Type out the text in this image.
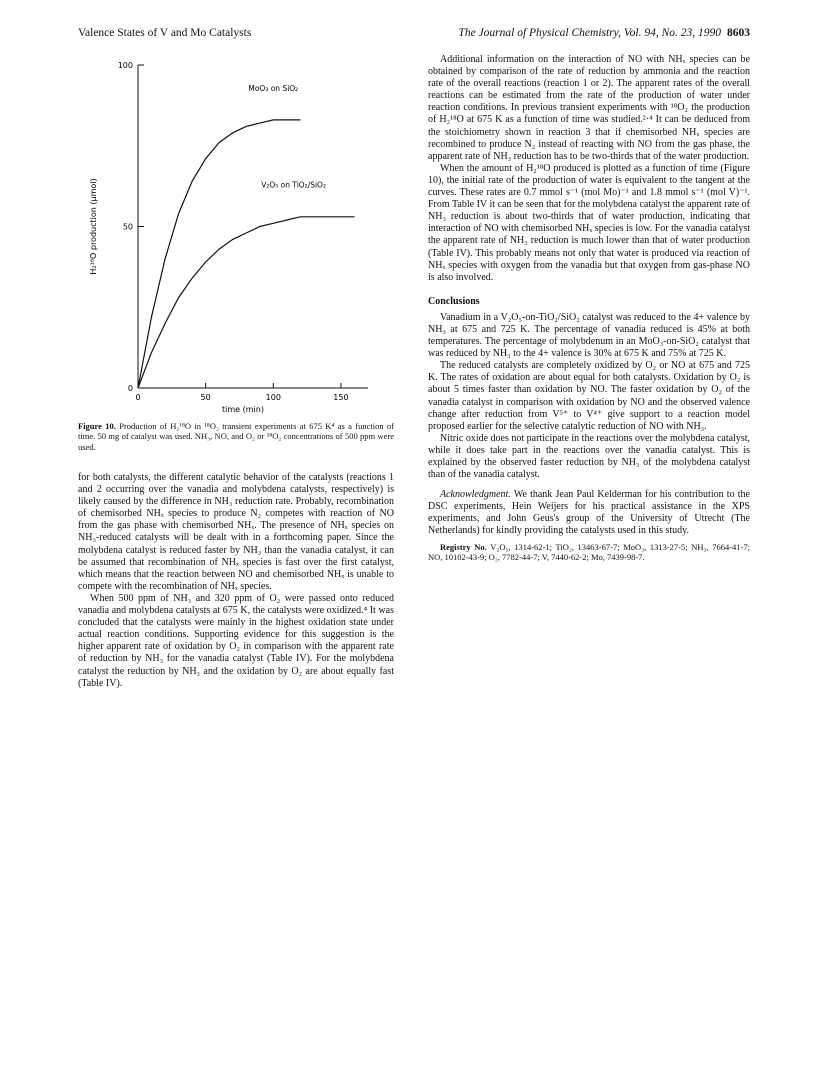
Valence States of V and Mo Catalysts	The Journal of Physical Chemistry, Vol. 94, No. 23, 1990 8603
0
50
100
0	50	100	150
time (min)
H₂¹⁸O production (µmol)
MoO₃ on SiO₂
V₂O₅ on TiO₂/SiO₂
Figure 10. Production of H₂¹⁸O in ¹⁸O₂ transient experiments at 675 K⁴ as a function of time. 50 mg of catalyst was used. NH₃, NO, and O₂ or ¹⁸O₂ concentrations of 500 ppm were used.

for both catalysts, the different catalytic behavior of the catalysts (reactions 1 and 2 occurring over the vanadia and molybdena catalysts, respectively) is likely caused by the difference in NH₃ reduction rate. Probably, recombination of chemisorbed NHₓ species to produce N₂ competes with reaction of NO from the gas phase with chemisorbed NHₓ. The presence of NHₓ species on NH₃-reduced catalysts will be dealt with in a forthcoming paper. Since the molybdena catalyst is reduced faster by NH₃ than the vanadia catalyst, it can be assumed that recombination of NHₓ species is fast over the first catalyst, which means that the reaction between NO and chemisorbed NHₓ is unable to compete with the recombination of NHₓ species.

When 500 ppm of NH₃ and 320 ppm of O₂ were passed onto reduced vanadia and molybdena catalysts at 675 K, the catalysts were oxidized.⁴ It was concluded that the catalysts were mainly in the highest oxidation state under actual reaction conditions. Supporting evidence for this suggestion is the higher apparent rate of oxidation by O₂ in comparison with the apparent rate of reduction by NH₃ for the vanadia catalyst (Table IV). For the molybdena catalyst the reduction by NH₃ and the oxidation by O₂ are about equally fast (Table IV).

Additional information on the interaction of NO with NHₓ species can be obtained by comparison of the rate of reduction by ammonia and the reaction rate of the overall reactions (reaction 1 or 2). The apparent rates of the overall reactions can be estimated from the rate of the production of water under reaction conditions. In previous transient experiments with ¹⁸O₂ the production of H₂¹⁸O at 675 K as a function of time was studied.²·⁴ It can be deduced from the stoichiometry shown in reaction 3 that if chemisorbed NHₓ species are recombined to produce N₂ instead of reacting with NO from the gas phase, the apparent rate of NH₃ reduction has to be two-thirds that of the water production.

When the amount of H₂¹⁸O produced is plotted as a function of time (Figure 10), the initial rate of the production of water is equivalent to the tangent at the curves. These rates are 0.7 mmol s⁻¹ (mol Mo)⁻¹ and 1.8 mmol s⁻¹ (mol V)⁻¹. From Table IV it can be seen that for the molybdena catalyst the apparent rate of NH₃ reduction is about two-thirds that of water production, indicating that interaction of NO with chemisorbed NHₓ species is low. For the vanadia catalyst the apparent rate of NH₃ reduction is much lower than that of water production (Table IV). This probably means not only that water is produced via reaction of NHₓ species with oxygen from the vanadia but that oxygen from gas-phase NO is also involved.

Conclusions

Vanadium in a V₂O₅-on-TiO₂/SiO₂ catalyst was reduced to the 4+ valence by NH₃ at 675 and 725 K. The percentage of vanadia reduced is 45% at both temperatures. The percentage of molybdenum in an MoO₃-on-SiO₂ catalyst that was reduced by NH₃ to the 4+ valence is 30% at 675 K and 75% at 725 K.

The reduced catalysts are completely oxidized by O₂ or NO at 675 and 725 K. The rates of oxidation are about equal for both catalysts. Oxidation by O₂ is about 5 times faster than oxidation by NO. The faster oxidation by O₂ of the vanadia catalyst in comparison with oxidation by NO and the observed valence change after reduction from V⁵⁺ to V⁴⁺ give support to a reaction model proposed earlier for the selective catalytic reduction of NO with NH₃.

Nitric oxide does not participate in the reactions over the molybdena catalyst, while it does take part in the reactions over the vanadia catalyst. This is explained by the observed faster reduction by NH₃ of the molybdena catalyst than of the vanadia catalyst.

Acknowledgment. We thank Jean Paul Kelderman for his contribution to the DSC experiments, Hein Weijers for his practical assistance in the XPS experiments, and John Geus's group of the University of Utrecht (The Netherlands) for kindly providing the catalysts used in this study.

Registry No. V₂O₅, 1314-62-1; TiO₂, 13463-67-7; MoO₃, 1313-27-5; NH₃, 7664-41-7; NO, 10102-43-9; O₂, 7782-44-7; V, 7440-62-2; Mo, 7439-98-7.
